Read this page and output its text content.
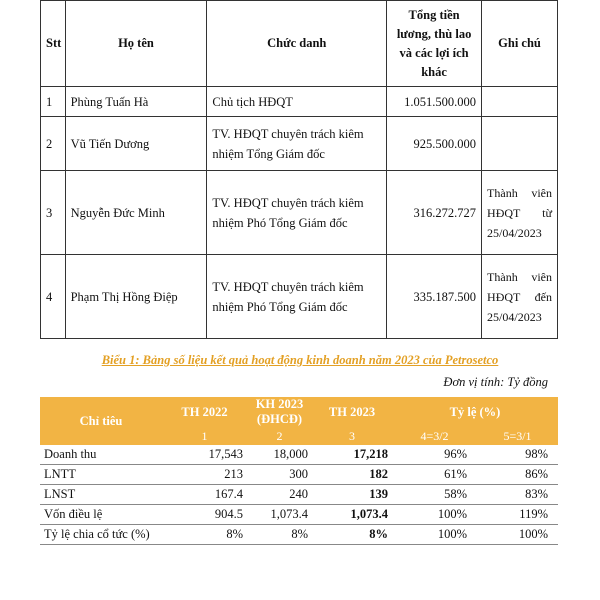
Stt	Họ tên	Chức danh	Tổng tiền lương, thù lao và các lợi ích khác	Ghi chú
1	Phùng Tuấn Hà	Chủ tịch HĐQT	1.051.500.000	
2	Vũ Tiến Dương	TV. HĐQT chuyên trách kiêm nhiệm Tổng Giám đốc	925.500.000	
3	Nguyễn Đức Minh	TV. HĐQT chuyên trách kiêm nhiệm Phó Tổng Giám đốc	316.272.727	Thành viên HĐQT từ 25/04/2023
4	Phạm Thị Hồng Điệp	TV. HĐQT chuyên trách kiêm nhiệm Phó Tổng Giám đốc	335.187.500	Thành viên HĐQT đến 25/04/2023
Biểu 1: Bảng số liệu kết quả hoạt động kinh doanh năm 2023 của Petrosetco
Đơn vị tính: Tỷ đồng
Chỉ tiêu	TH 2022	KH 2023 (ĐHCĐ)	TH 2023	Tỷ lệ (%)	
	1	2	3	4=3/2	5=3/1
Doanh thu	17,543	18,000	17,218	96%	98%
LNTT	213	300	182	61%	86%
LNST	167.4	240	139	58%	83%
Vốn điều lệ	904.5	1,073.4	1,073.4	100%	119%
Tỷ lệ chia cổ tức (%)	8%	8%	8%	100%	100%
